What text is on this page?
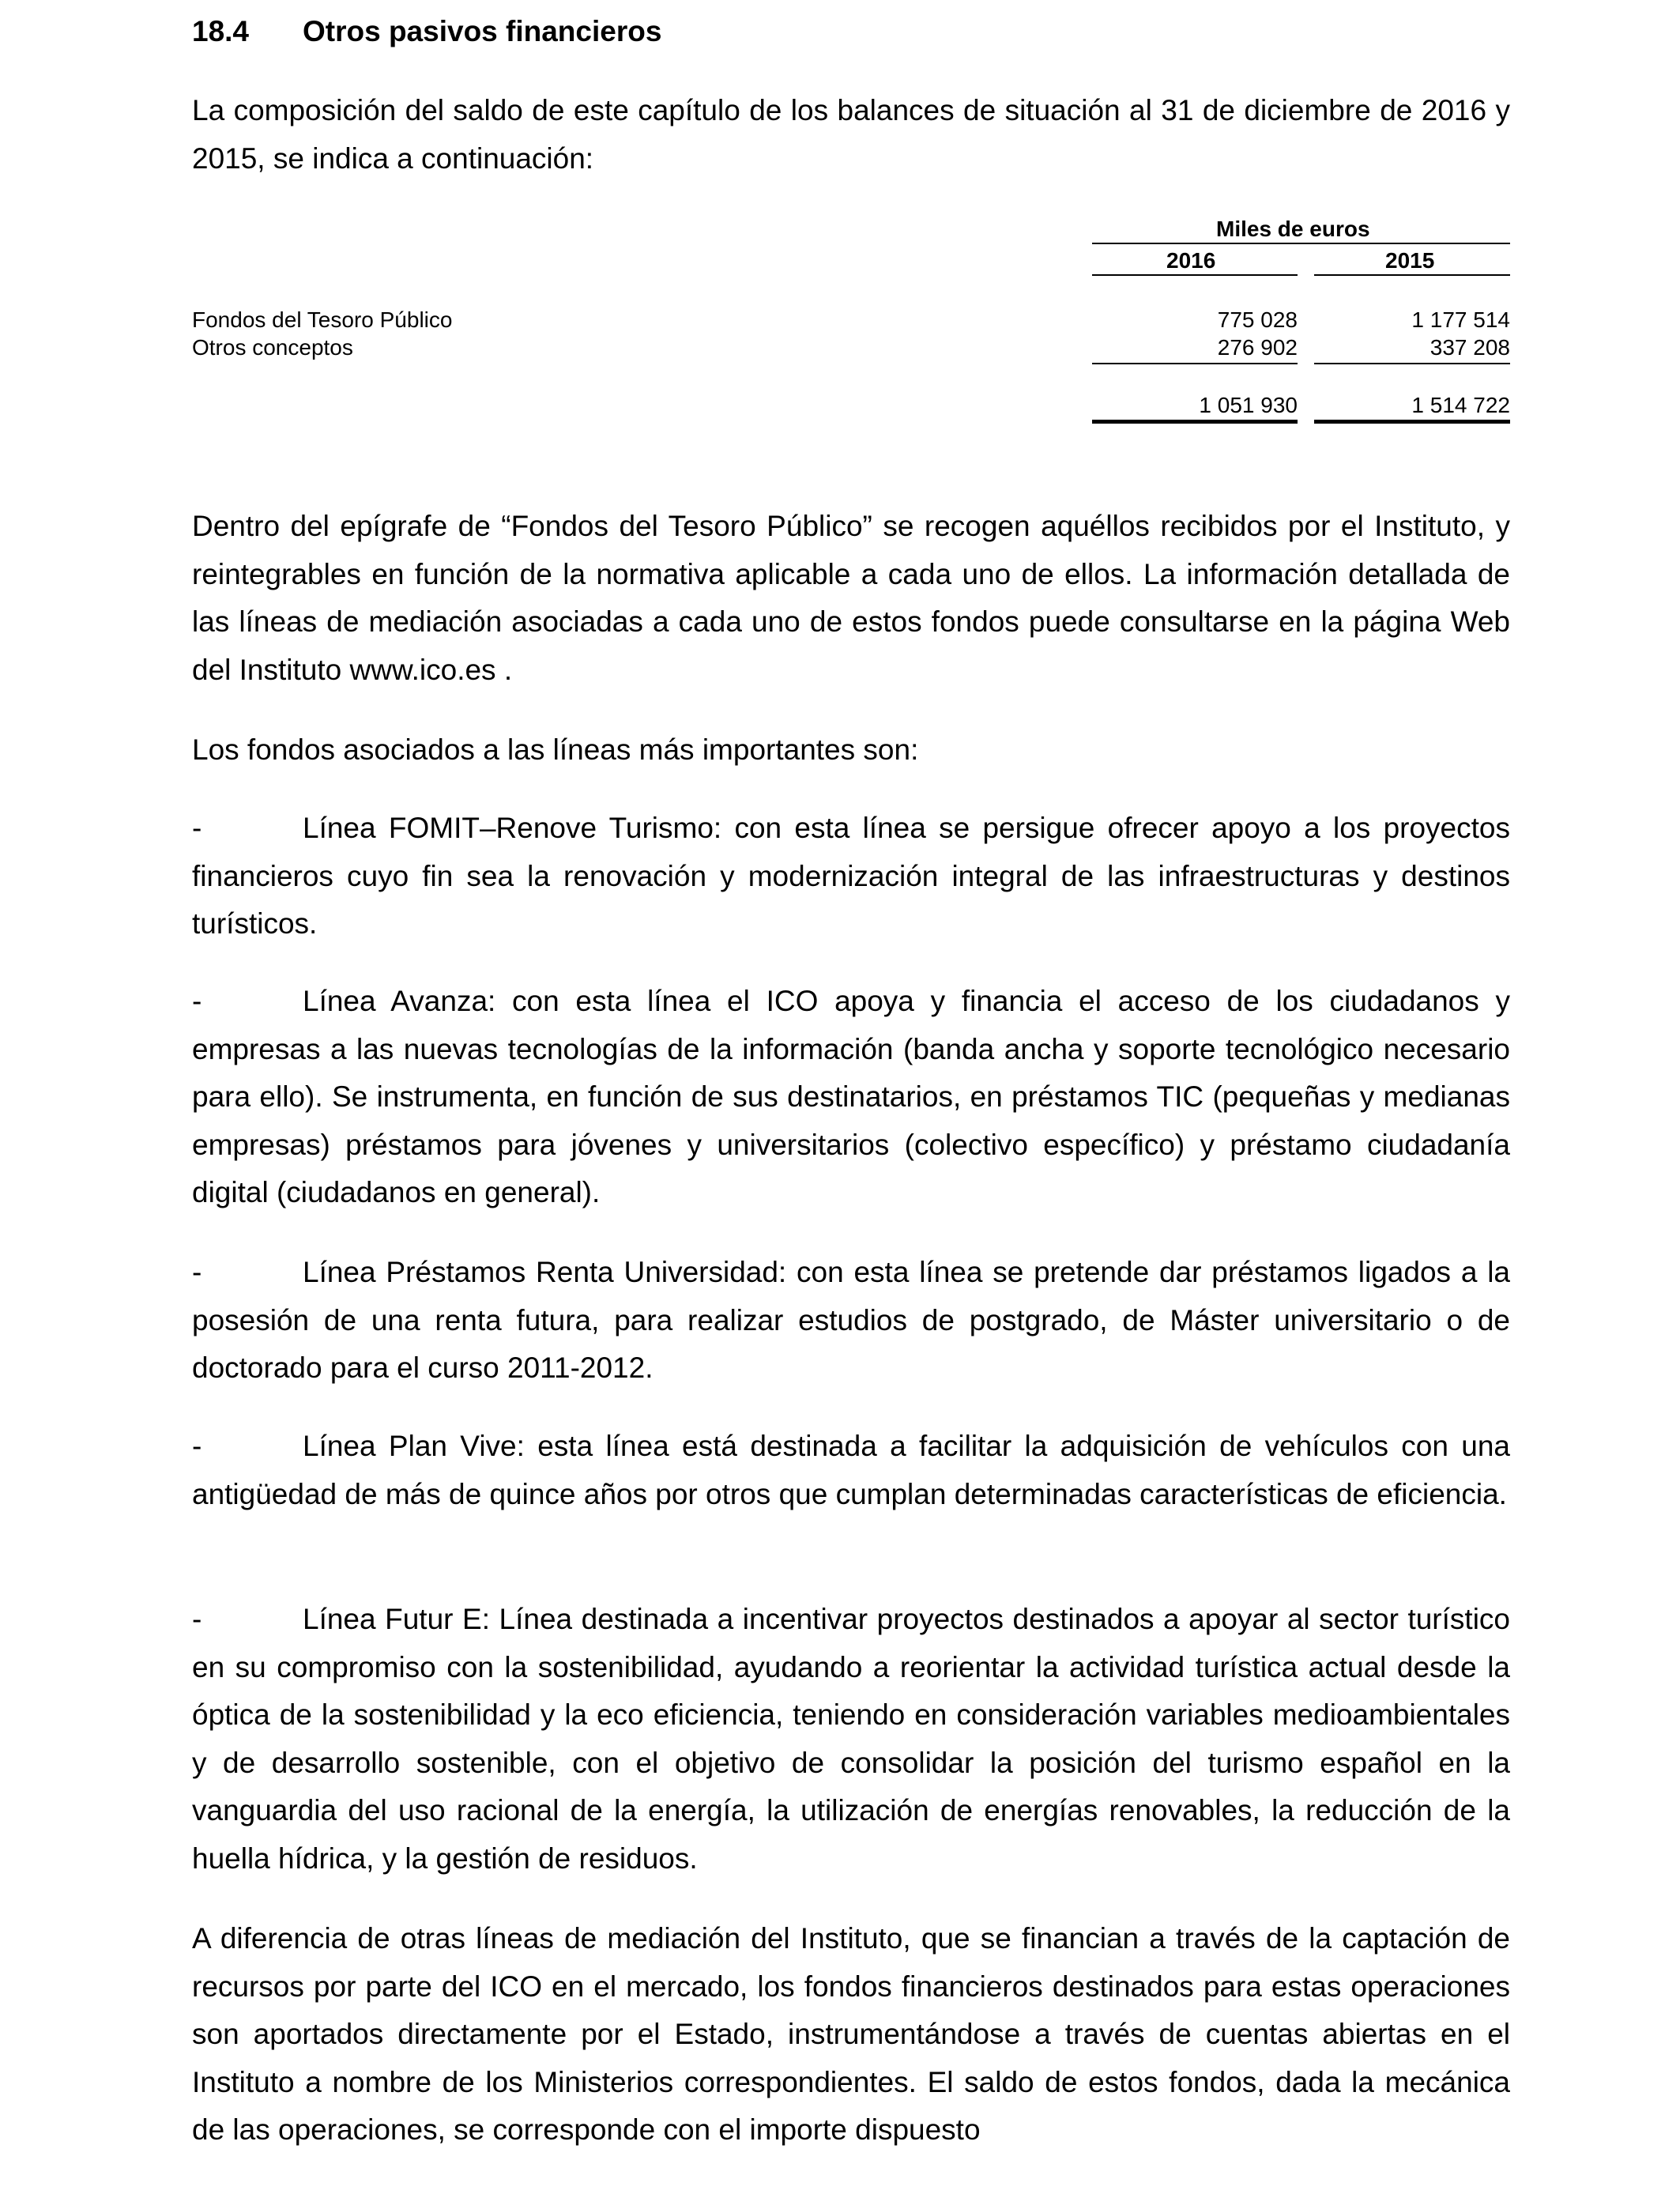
18.4 Otros pasivos financieros

La composición del saldo de este capítulo de los balances de situación al 31 de diciembre de 2016 y 2015, se indica a continuación:

Miles de euros
2016	2015
Fondos del Tesoro Público	775 028	1 177 514
Otros conceptos	276 902	337 208
1 051 930	1 514 722

Dentro del epígrafe de “Fondos del Tesoro Público” se recogen aquéllos recibidos por el Instituto, y reintegrables en función de la normativa aplicable a cada uno de ellos. La información detallada de las líneas de mediación asociadas a cada uno de estos fondos puede consultarse en la página Web del Instituto www.ico.es .

Los fondos asociados a las líneas más importantes son:

-	Línea FOMIT–Renove Turismo: con esta línea se persigue ofrecer apoyo a los proyectos financieros cuyo fin sea la renovación y modernización integral de las infraestructuras y destinos turísticos.

-	Línea Avanza: con esta línea el ICO apoya y financia el acceso de los ciudadanos y empresas a las nuevas tecnologías de la información (banda ancha y soporte tecnológico necesario para ello). Se instrumenta, en función de sus destinatarios, en préstamos TIC (pequeñas y medianas empresas) préstamos para jóvenes y universitarios (colectivo específico) y préstamo ciudadanía digital (ciudadanos en general).

-	Línea Préstamos Renta Universidad: con esta línea se pretende dar préstamos ligados a la posesión de una renta futura, para realizar estudios de postgrado, de Máster universitario o de doctorado para el curso 2011-2012.

-	Línea Plan Vive: esta línea está destinada a facilitar la adquisición de vehículos con una antigüedad de más de quince años por otros que cumplan determinadas características de eficiencia.

-	Línea Futur E: Línea destinada a incentivar proyectos destinados a apoyar al sector turístico en su compromiso con la sostenibilidad, ayudando a reorientar la actividad turística actual desde la óptica de la sostenibilidad y la eco eficiencia, teniendo en consideración variables medioambientales y de desarrollo sostenible, con el objetivo de consolidar la posición del turismo español en la vanguardia del uso racional de la energía, la utilización de energías renovables, la reducción de la huella hídrica, y la gestión de residuos.

A diferencia de otras líneas de mediación del Instituto, que se financian a través de la captación de recursos por parte del ICO en el mercado, los fondos financieros destinados para estas operaciones son aportados directamente por el Estado, instrumentándose a través de cuentas abiertas en el Instituto a nombre de los Ministerios correspondientes. El saldo de estos fondos, dada la mecánica de las operaciones, se corresponde con el importe dispuesto
